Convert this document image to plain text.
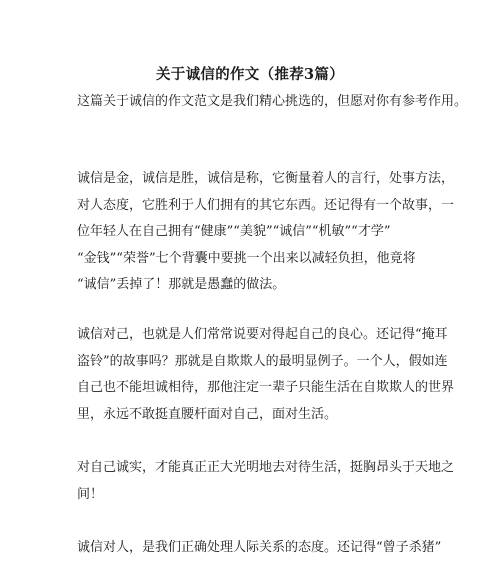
关于诚信的作文（推荐3篇）
这篇关于诚信的作文范文是我们精心挑选的，但愿对你有参考作用。
诚信是金，诚信是胜，诚信是称，它衡量着人的言行，处事方法，
对人态度，它胜利于人们拥有的其它东西。还记得有一个故事，一
位年轻人在自己拥有“健康”“美貌”“诚信”“机敏”“才学”
“金钱”“荣誉”七个背囊中要挑一个出来以减轻负担，他竟将
“诚信”丢掉了！那就是愚蠢的做法。
诚信对己，也就是人们常常说要对得起自己的良心。还记得“掩耳
盗铃”的故事吗？那就是自欺欺人的最明显例子。一个人，假如连
自己也不能坦诚相待，那他注定一辈子只能生活在自欺欺人的世界
里，永远不敢挺直腰杆面对自己，面对生活。
对自己诚实，才能真正正大光明地去对待生活，挺胸昂头于天地之
间！
诚信对人，是我们正确处理人际关系的态度。还记得“曾子杀猪”
